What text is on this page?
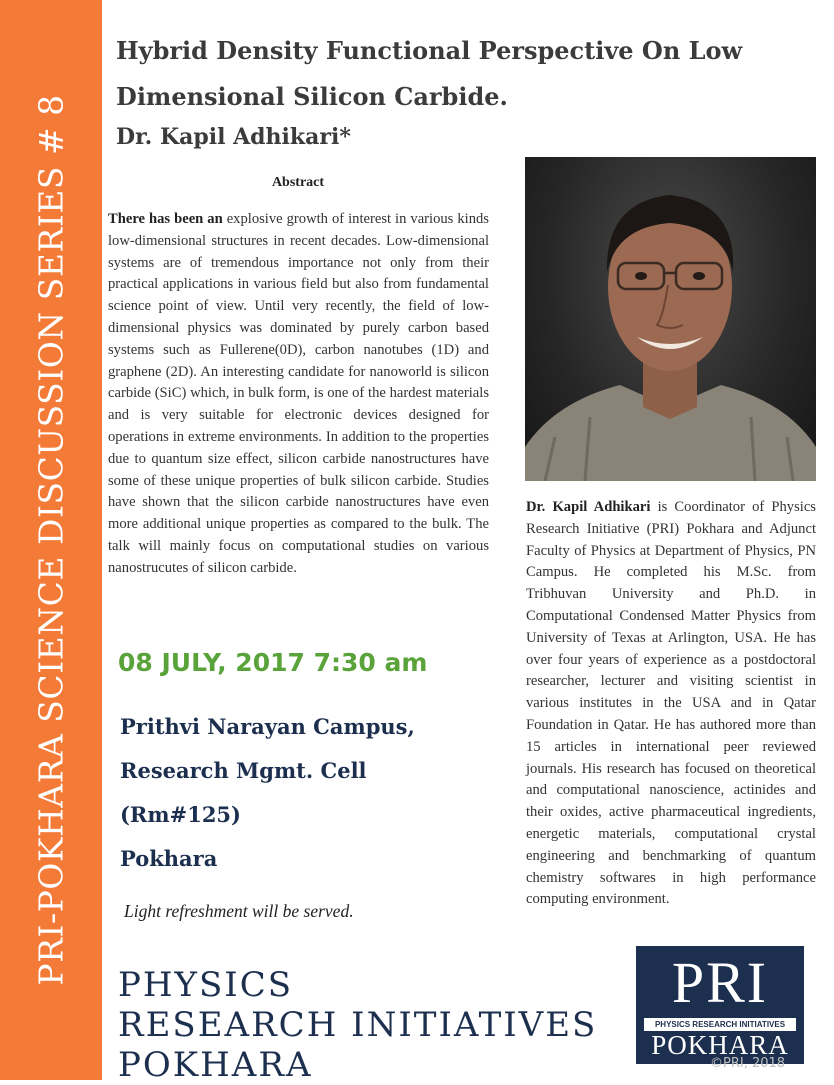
PRI-POKHARA SCIENCE DISCUSSION SERIES # 8
Hybrid Density Functional Perspective On Low Dimensional Silicon Carbide.
Dr. Kapil Adhikari*
Abstract

There has been an explosive growth of interest in various kinds low-dimensional structures in recent decades. Low-dimensional systems are of tremendous importance not only from their practical applications in various field but also from fundamental science point of view. Until very recently, the field of low-dimensional physics was dominated by purely carbon based systems such as Fullerene(0D), carbon nanotubes (1D) and graphene (2D). An interesting candidate for nanoworld is silicon carbide (SiC) which, in bulk form, is one of the hardest materials and is very suitable for electronic devices designed for operations in extreme environments. In addition to the properties due to quantum size effect, silicon carbide nanostructures have some of these unique properties of bulk silicon carbide. Studies have shown that the silicon carbide nanostructures have even more additional unique properties as compared to the bulk. The talk will mainly focus on computational studies on various nanostrucutes of silicon carbide.

Dr. Kapil Adhikari is Coordinator of Physics Research Initiative (PRI) Pokhara and Adjunct Faculty of Physics at Department of Physics, PN Campus. He completed his M.Sc. from Tribhuvan University and Ph.D. in Computational Condensed Matter Physics from University of Texas at Arlington, USA. He has over four years of experience as a postdoctoral researcher, lecturer and visiting scientist in various institutes in the USA and in Qatar Foundation in Qatar. He has authored more than 15 articles in international peer reviewed journals. His research has focused on theoretical and computational nanoscience, actinides and their oxides, active pharmaceutical ingredients, energetic materials, computational crystal engineering and benchmarking of quantum chemistry softwares in high performance computing environment.

08 JULY, 2017 7:30 am
Prithvi Narayan Campus,
Research Mgmt. Cell
(Rm#125)
Pokhara

Light refreshment will be served.

PHYSICS
RESEARCH INITIATIVES
POKHARA
PRI
PHYSICS RESEARCH INITIATIVES
POKHARA
©PRI, 2018
